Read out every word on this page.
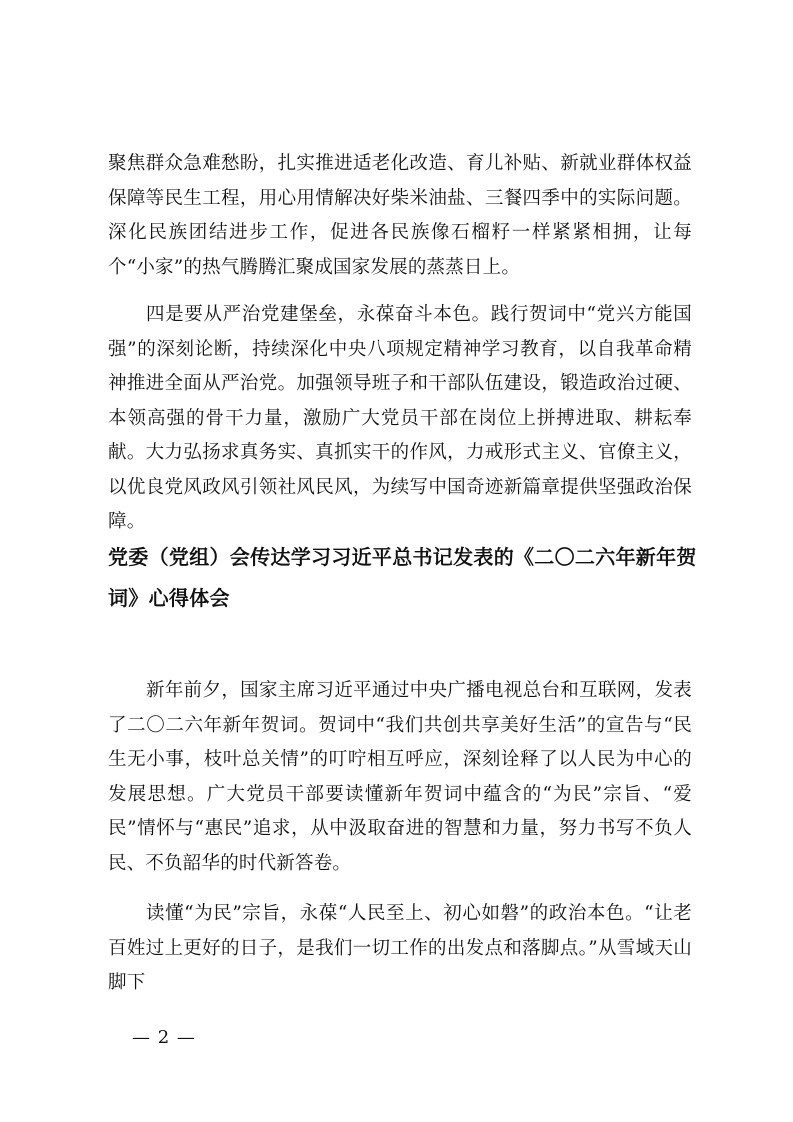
聚焦群众急难愁盼，扎实推进适老化改造、育儿补贴、新就业群体权益保障等民生工程，用心用情解决好柴米油盐、三餐四季中的实际问题。深化民族团结进步工作，促进各民族像石榴籽一样紧紧相拥，让每个“小家”的热气腾腾汇聚成国家发展的蒸蒸日上。

四是要从严治党建堡垒，永葆奋斗本色。践行贺词中“党兴方能国强”的深刻论断，持续深化中央八项规定精神学习教育，以自我革命精神推进全面从严治党。加强领导班子和干部队伍建设，锻造政治过硬、本领高强的骨干力量，激励广大党员干部在岗位上拼搏进取、耕耘奉献。大力弘扬求真务实、真抓实干的作风，力戒形式主义、官僚主义，以优良党风政风引领社风民风，为续写中国奇迹新篇章提供坚强政治保障。

党委（党组）会传达学习习近平总书记发表的《二〇二六年新年贺词》心得体会

新年前夕，国家主席习近平通过中央广播电视总台和互联网，发表了二〇二六年新年贺词。贺词中“我们共创共享美好生活”的宣告与“民生无小事，枝叶总关情”的叮咛相互呼应，深刻诠释了以人民为中心的发展思想。广大党员干部要读懂新年贺词中蕴含的“为民”宗旨、“爱民”情怀与“惠民”追求，从中汲取奋进的智慧和力量，努力书写不负人民、不负韶华的时代新答卷。

读懂“为民”宗旨，永葆“人民至上、初心如磐”的政治本色。“让老百姓过上更好的日子，是我们一切工作的出发点和落脚点。”从雪域天山脚下

— 2 —
